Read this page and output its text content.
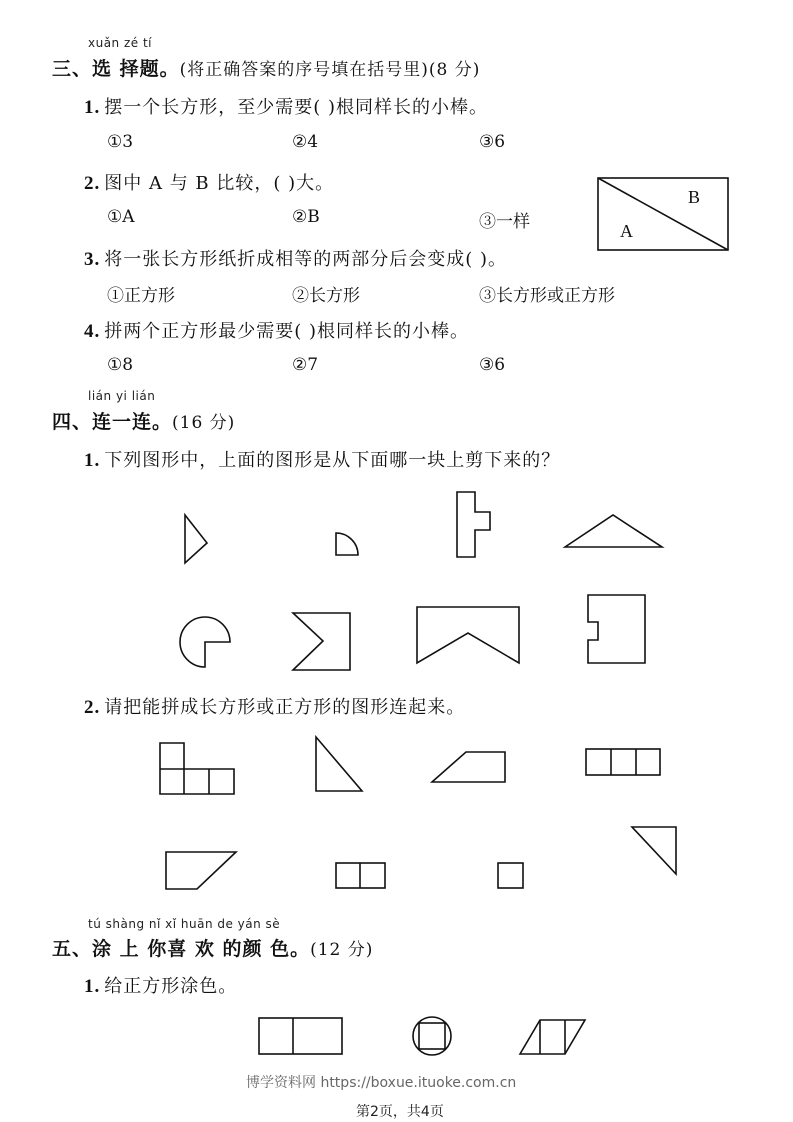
xuǎn zé tí
三、选 择题。(将正确答案的序号填在括号里)(8 分)
1. 摆一个长方形，至少需要( )根同样长的小棒。
①3	②4	③6
2. 图中 A 与 B 比较，( )大。
①A	②B	③一样
3. 将一张长方形纸折成相等的两部分后会变成( )。
①正方形	②长方形	③长方形或正方形
4. 拼两个正方形最少需要( )根同样长的小棒。
①8	②7	③6
lián yi lián
四、连一连。(16 分)
1. 下列图形中，上面的图形是从下面哪一块上剪下来的？
2. 请把能拼成长方形或正方形的图形连起来。
tú shàng nǐ xǐ huān de yán sè
五、涂 上 你喜 欢 的颜 色。(12 分)
1. 给正方形涂色。
B
A
博学资料网 https://boxue.ituoke.com.cn
第2页，共4页
